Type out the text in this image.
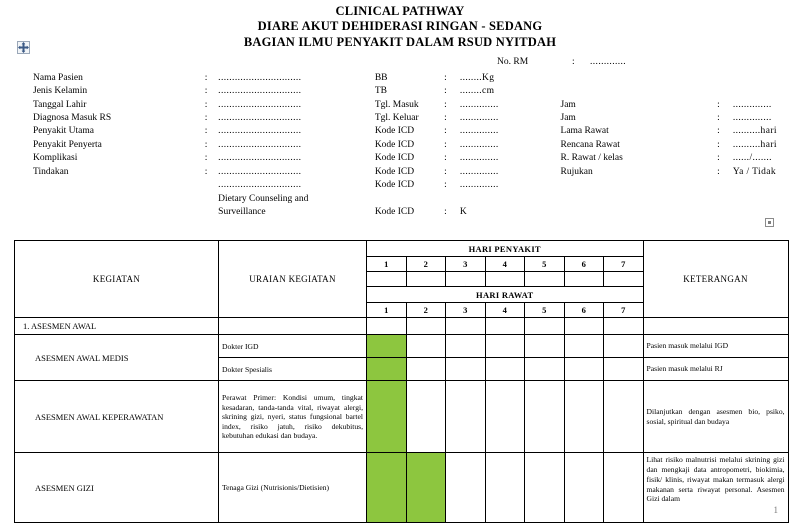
CLINICAL PATHWAY
DIARE AKUT DEHIDERASI RINGAN - SEDANG
BAGIAN ILMU PENYAKIT DALAM RSUD NYITDAH
No. RM	: .............
Nama Pasien	:	..............................	BB	:	........Kg			
Jenis Kelamin	:	..............................	TB	:	........cm			
Tanggal Lahir	:	..............................	Tgl. Masuk	:	..............	Jam	:	..............
Diagnosa Masuk RS	:	..............................	Tgl. Keluar	:	..............	Jam	:	..............
Penyakit Utama	:	..............................	Kode ICD	:	..............	Lama Rawat	:	..........hari
Penyakit Penyerta	:	..............................	Kode ICD	:	..............	Rencana Rawat	:	..........hari
Komplikasi	:	..............................	Kode ICD	:	..............	R. Rawat / kelas	:	....../.......
Tindakan	:	..............................	Kode ICD	:	..............	Rujukan	:	Ya / Tidak
		..............................	Kode ICD	:	..............			
		Dietary Counseling and						
		Surveillance	Kode ICD	:	K			
KEGIATAN	URAIAN KEGIATAN	HARI PENYAKIT							KETERANGAN
		1	2	3	4	5	6	7	

		HARI RAWAT							
		1	2	3	4	5	6	7	
1. ASESMEN AWAL									
ASESMEN AWAL MEDIS	Dokter IGD								Pasien masuk melalui IGD
	Dokter Spesialis								Pasien masuk melalui RJ
ASESMEN AWAL KEPERAWATAN	Perawat Primer: Kondisi umum, tingkat kesadaran, tanda-tanda vital, riwayat alergi, skrining gizi, nyeri, status fungsional bartel index, risiko jatuh, risiko dekubitus, kebutuhan edukasi dan budaya.								Dilanjutkan dengan asesmen bio, psiko, sosial, spiritual dan budaya
ASESMEN GIZI	Tenaga Gizi (Nutrisionis/Dietisien)								Lihat risiko malnutrisi melalui skrining gizi dan mengkaji data antropometri, biokimia, fisik/ klinis, riwayat makan termasuk alergi makanan serta riwayat personal. Asesmen Gizi dalam
1
